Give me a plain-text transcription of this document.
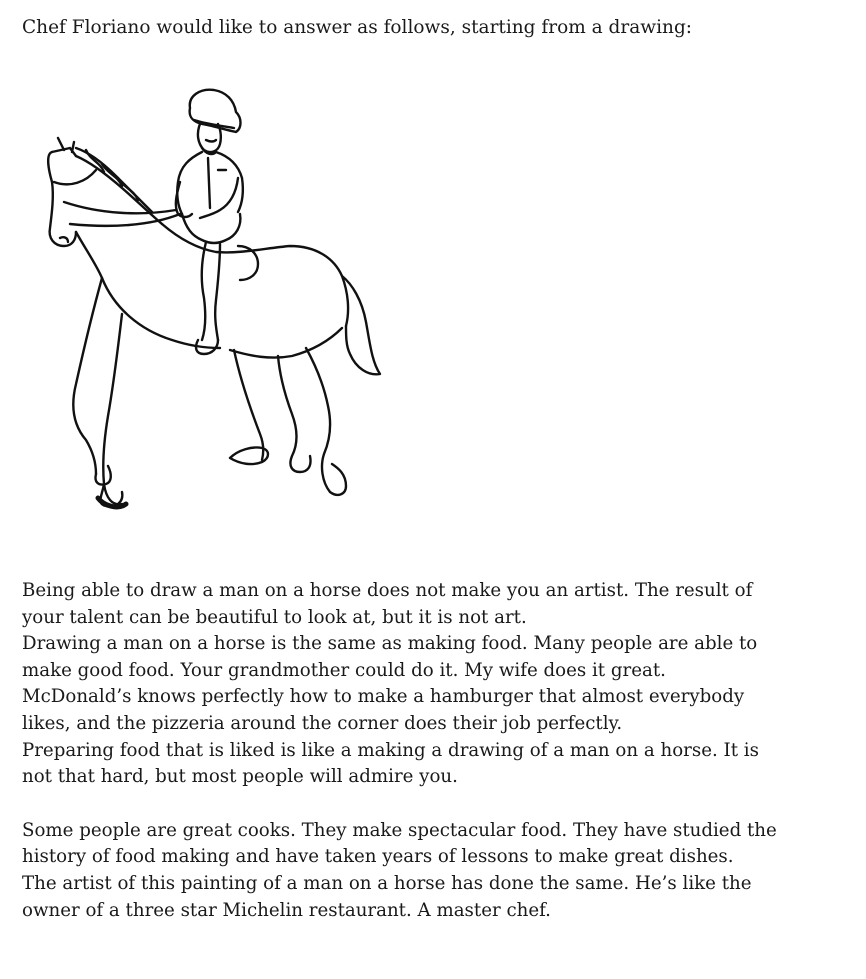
Chef Floriano would like to answer as follows, starting from a drawing:

Being able to draw a man on a horse does not make you an artist. The result of
your talent can be beautiful to look at, but it is not art.
Drawing a man on a horse is the same as making food. Many people are able to
make good food. Your grandmother could do it. My wife does it great.
McDonald’s knows perfectly how to make a hamburger that almost everybody
likes, and the pizzeria around the corner does their job perfectly.
Preparing food that is liked is like a making a drawing of a man on a horse. It is
not that hard, but most people will admire you.
Some people are great cooks. They make spectacular food. They have studied the
history of food making and have taken years of lessons to make great dishes.
The artist of this painting of a man on a horse has done the same. He’s like the
owner of a three star Michelin restaurant. A master chef.
